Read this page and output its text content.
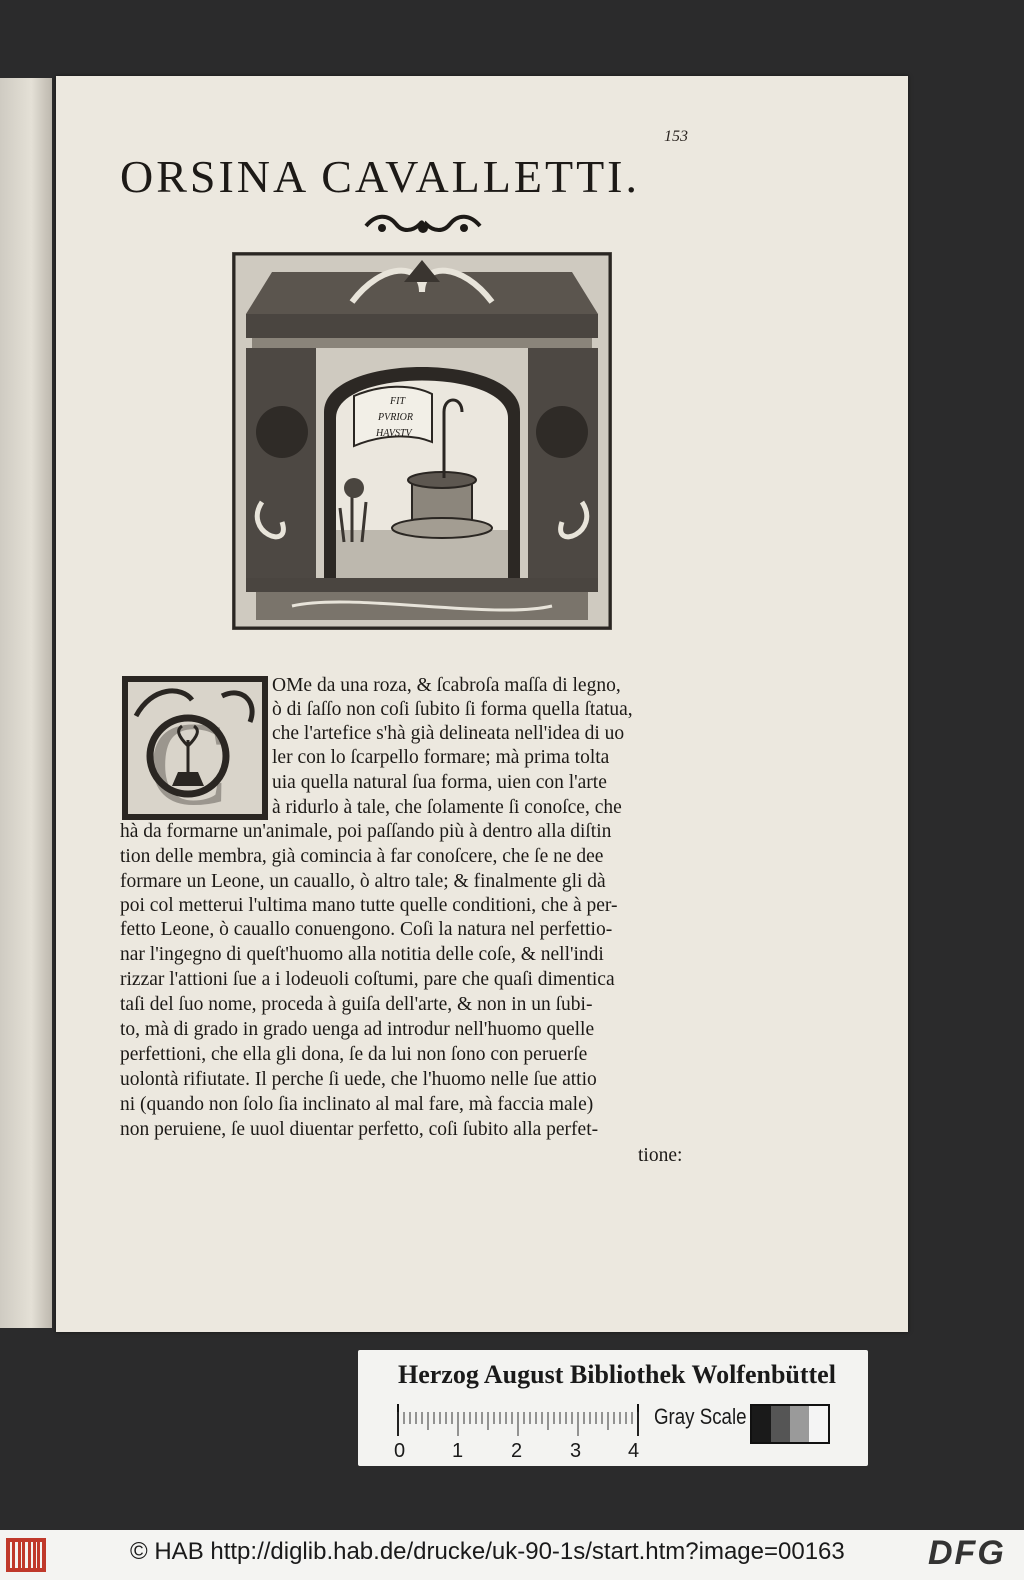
153
ORSINA CAVALLETTI.
FIT
PVRIOR
HAVSTV
C
OMe da una roza, & ſcabroſa maſſa di legno,
ò di ſaſſo non coſi ſubito ſi forma quella ſtatua,
che l'artefice s'hà già delineata nell'idea di uo
ler con lo ſcarpello formare; mà prima tolta
uia quella natural ſua forma, uien con l'arte
à ridurlo à tale, che ſolamente ſi conoſce, che
hà da formarne un'animale, poi paſſando più à dentro alla diſtin
tion delle membra, già comincia à far conoſcere, che ſe ne dee
formare un Leone, un cauallo, ò altro tale; & finalmente gli dà
poi col metterui l'ultima mano tutte quelle conditioni, che à per-
fetto Leone, ò cauallo conuengono. Coſi la natura nel perfettio-
nar l'ingegno di queſt'huomo alla notitia delle coſe, & nell'indi
rizzar l'attioni ſue a i lodeuoli coſtumi, pare che quaſi dimentica
taſi del ſuo nome, proceda à guiſa dell'arte, & non in un ſubi-
to, mà di grado in grado uenga ad introdur nell'huomo quelle
perfettioni, che ella gli dona, ſe da lui non ſono con peruerſe
uolontà rifiutate. Il perche ſi uede, che l'huomo nelle ſue attio
ni (quando non ſolo ſia inclinato al mal fare, mà faccia male)
non peruiene, ſe uuol diuentar perfetto, coſi ſubito alla perfet-
tione:
Herzog August Bibliothek Wolfenbüttel
0 1 2 3 4
Gray Scale
© HAB http://diglib.hab.de/drucke/uk-90-1s/start.htm?image=00163 DFG
